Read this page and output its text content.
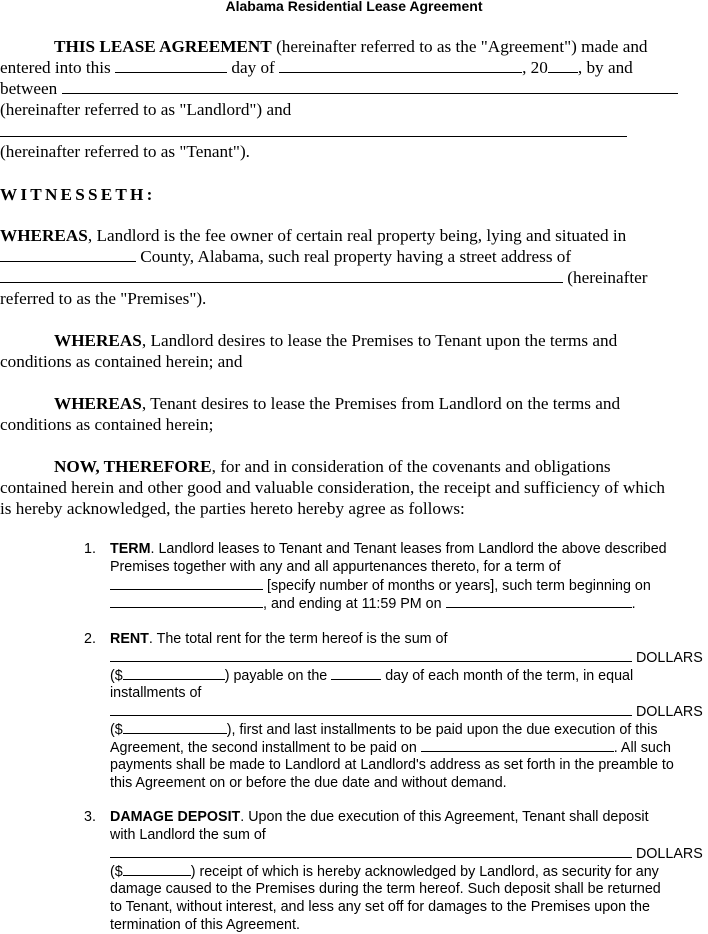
Alabama Residential Lease Agreement
THIS LEASE AGREEMENT (hereinafter referred to as the "Agreement") made and
entered into this	day of	, 20 , by and
between
(hereinafter referred to as "Landlord") and
(hereinafter referred to as "Tenant").
WITNESSETH:
WHEREAS, Landlord is the fee owner of certain real property being, lying and situated in
County, Alabama, such real property having a street address of
(hereinafter
referred to as the "Premises").
WHEREAS, Landlord desires to lease the Premises to Tenant upon the terms and
conditions as contained herein; and
WHEREAS, Tenant desires to lease the Premises from Landlord on the terms and
conditions as contained herein;
NOW, THEREFORE, for and in consideration of the covenants and obligations
contained herein and other good and valuable consideration, the receipt and sufficiency of which
is hereby acknowledged, the parties hereto hereby agree as follows:
1. TERM. Landlord leases to Tenant and Tenant leases from Landlord the above described
Premises together with any and all appurtenances thereto, for a term of
[specify number of months or years], such term beginning on
, and ending at 11:59 PM on	.
2. RENT. The total rent for the term hereof is the sum of
DOLLARS
($	) payable on the	day of each month of the term, in equal
installments of
DOLLARS
($	), first and last installments to be paid upon the due execution of this
Agreement, the second installment to be paid on	. All such
payments shall be made to Landlord at Landlord's address as set forth in the preamble to
this Agreement on or before the due date and without demand.
3. DAMAGE DEPOSIT. Upon the due execution of this Agreement, Tenant shall deposit
with Landlord the sum of
DOLLARS
($	) receipt of which is hereby acknowledged by Landlord, as security for any
damage caused to the Premises during the term hereof. Such deposit shall be returned
to Tenant, without interest, and less any set off for damages to the Premises upon the
termination of this Agreement.
